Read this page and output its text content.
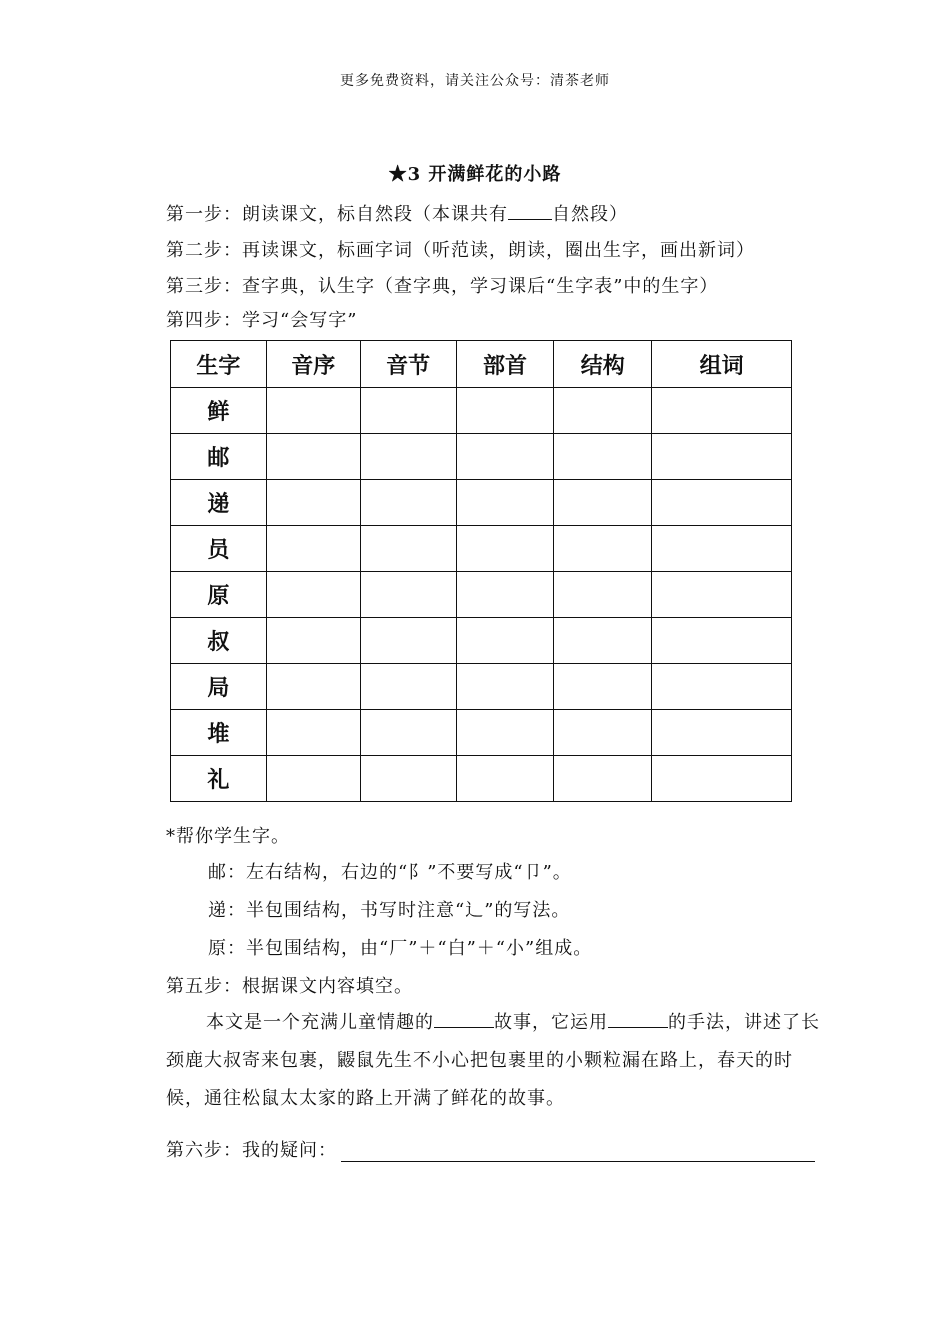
更多免费资料，请关注公众号：清茶老师
★3 开满鲜花的小路
第一步：朗读课文，标自然段（本课共有 自然段）
第二步：再读课文，标画字词（听范读，朗读，圈出生字，画出新词）
第三步：查字典，认生字（查字典，学习课后“生字表”中的生字）
第四步：学习“会写字”
生字	音序	音节	部首	结构	组词
鲜					
邮					
递					
员					
原					
叔					
局					
堆					
礼					
*帮你学生字。
邮：左右结构，右边的“阝”不要写成“卩”。
递：半包围结构，书写时注意“辶”的写法。
原：半包围结构，由“厂”＋“白”＋“小”组成。
第五步：根据课文内容填空。
本文是一个充满儿童情趣的	故事，它运用	的手法，讲述了长颈鹿大叔寄来包裹，鼹鼠先生不小心把包裹里的小颗粒漏在路上，春天的时候，通往松鼠太太家的路上开满了鲜花的故事。
第六步：我的疑问：
